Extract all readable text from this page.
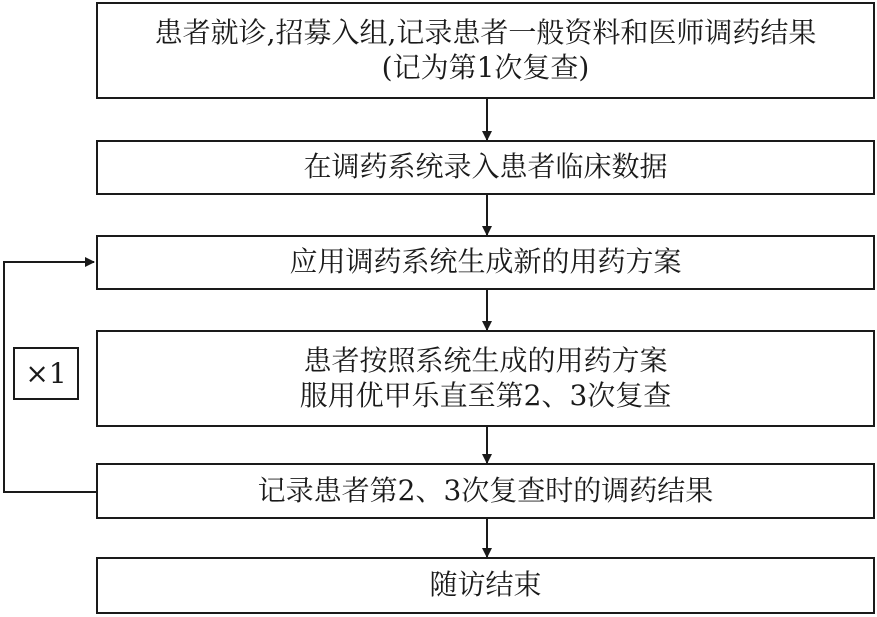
患者就诊,招募入组,记录患者一般资料和医师调药结果
(记为第1次复查)
在调药系统录入患者临床数据
应用调药系统生成新的用药方案
患者按照系统生成的用药方案
服用优甲乐直至第2、3次复查
记录患者第2、3次复查时的调药结果
随访结束
×1
